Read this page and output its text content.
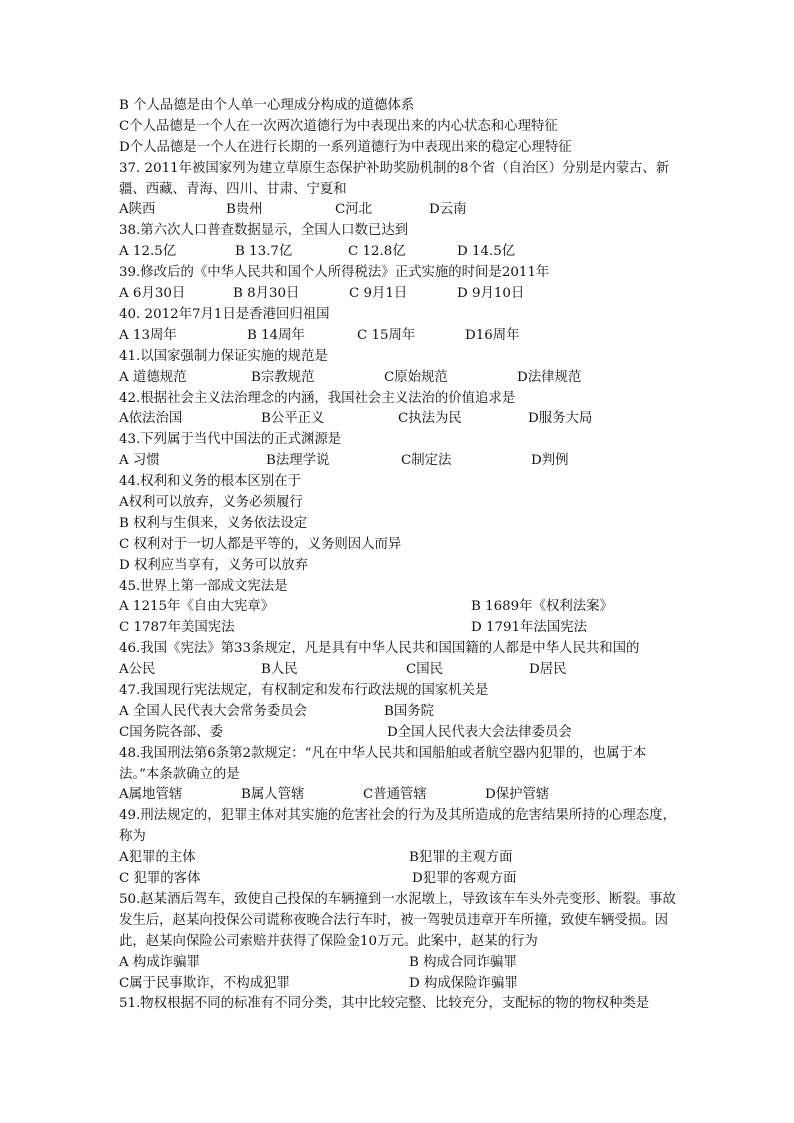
B 个人品德是由个人单一心理成分构成的道德体系
C个人品德是一个人在一次两次道德行为中表现出来的内心状态和心理特征
D个人品德是一个人在进行长期的一系列道德行为中表现出来的稳定心理特征
37. 2011年被国家列为建立草原生态保护补助奖励机制的8个省（自治区）分别是内蒙古、新疆、西藏、青海、四川、甘肃、宁夏和
A陕西	B贵州	C河北	D云南
38.第六次人口普查数据显示，全国人口数已达到
A 12.5亿	B 13.7亿	C 12.8亿	D 14.5亿
39.修改后的《中华人民共和国个人所得税法》正式实施的时间是2011年
A 6月30日	B 8月30日	C 9月1日	D 9月10日
40. 2012年7月1日是香港回归祖国
A 13周年	B 14周年	C 15周年	D16周年
41.以国家强制力保证实施的规范是
A 道德规范	B宗教规范	C原始规范	D法律规范
42.根据社会主义法治理念的内涵，我国社会主义法治的价值追求是
A依法治国	B公平正义	C执法为民	D服务大局
43.下列属于当代中国法的正式渊源是
A 习惯	B法理学说	C制定法	D判例
44.权利和义务的根本区别在于
A权利可以放弃，义务必须履行
B 权利与生俱来，义务依法设定
C 权利对于一切人都是平等的，义务则因人而异
D 权利应当享有，义务可以放弃
45.世界上第一部成文宪法是
A 1215年《自由大宪章》	B 1689年《权利法案》
C 1787年美国宪法	D 1791年法国宪法
46.我国《宪法》第33条规定，凡是具有中华人民共和国国籍的人都是中华人民共和国的
A公民	B人民	C国民	D居民
47.我国现行宪法规定，有权制定和发布行政法规的国家机关是
A 全国人民代表大会常务委员会	B国务院
C国务院各部、委	D全国人民代表大会法律委员会
48.我国刑法第6条第2款规定：“凡在中华人民共和国船舶或者航空器内犯罪的，也属于本法。”本条款确立的是
A属地管辖	B属人管辖	C普通管辖	D保护管辖
49.刑法规定的，犯罪主体对其实施的危害社会的行为及其所造成的危害结果所持的心理态度，称为
A犯罪的主体	B犯罪的主观方面
C 犯罪的客体	D犯罪的客观方面
50.赵某酒后驾车，致使自己投保的车辆撞到一水泥墩上，导致该车车头外壳变形、断裂。事故发生后，赵某向投保公司谎称夜晚合法行车时，被一驾驶员违章开车所撞，致使车辆受损。因此，赵某向保险公司索赔并获得了保险金10万元。此案中，赵某的行为
A 构成诈骗罪	B 构成合同诈骗罪
C属于民事欺诈，不构成犯罪	D 构成保险诈骗罪
51.物权根据不同的标准有不同分类，其中比较完整、比较充分，支配标的物的物权种类是
